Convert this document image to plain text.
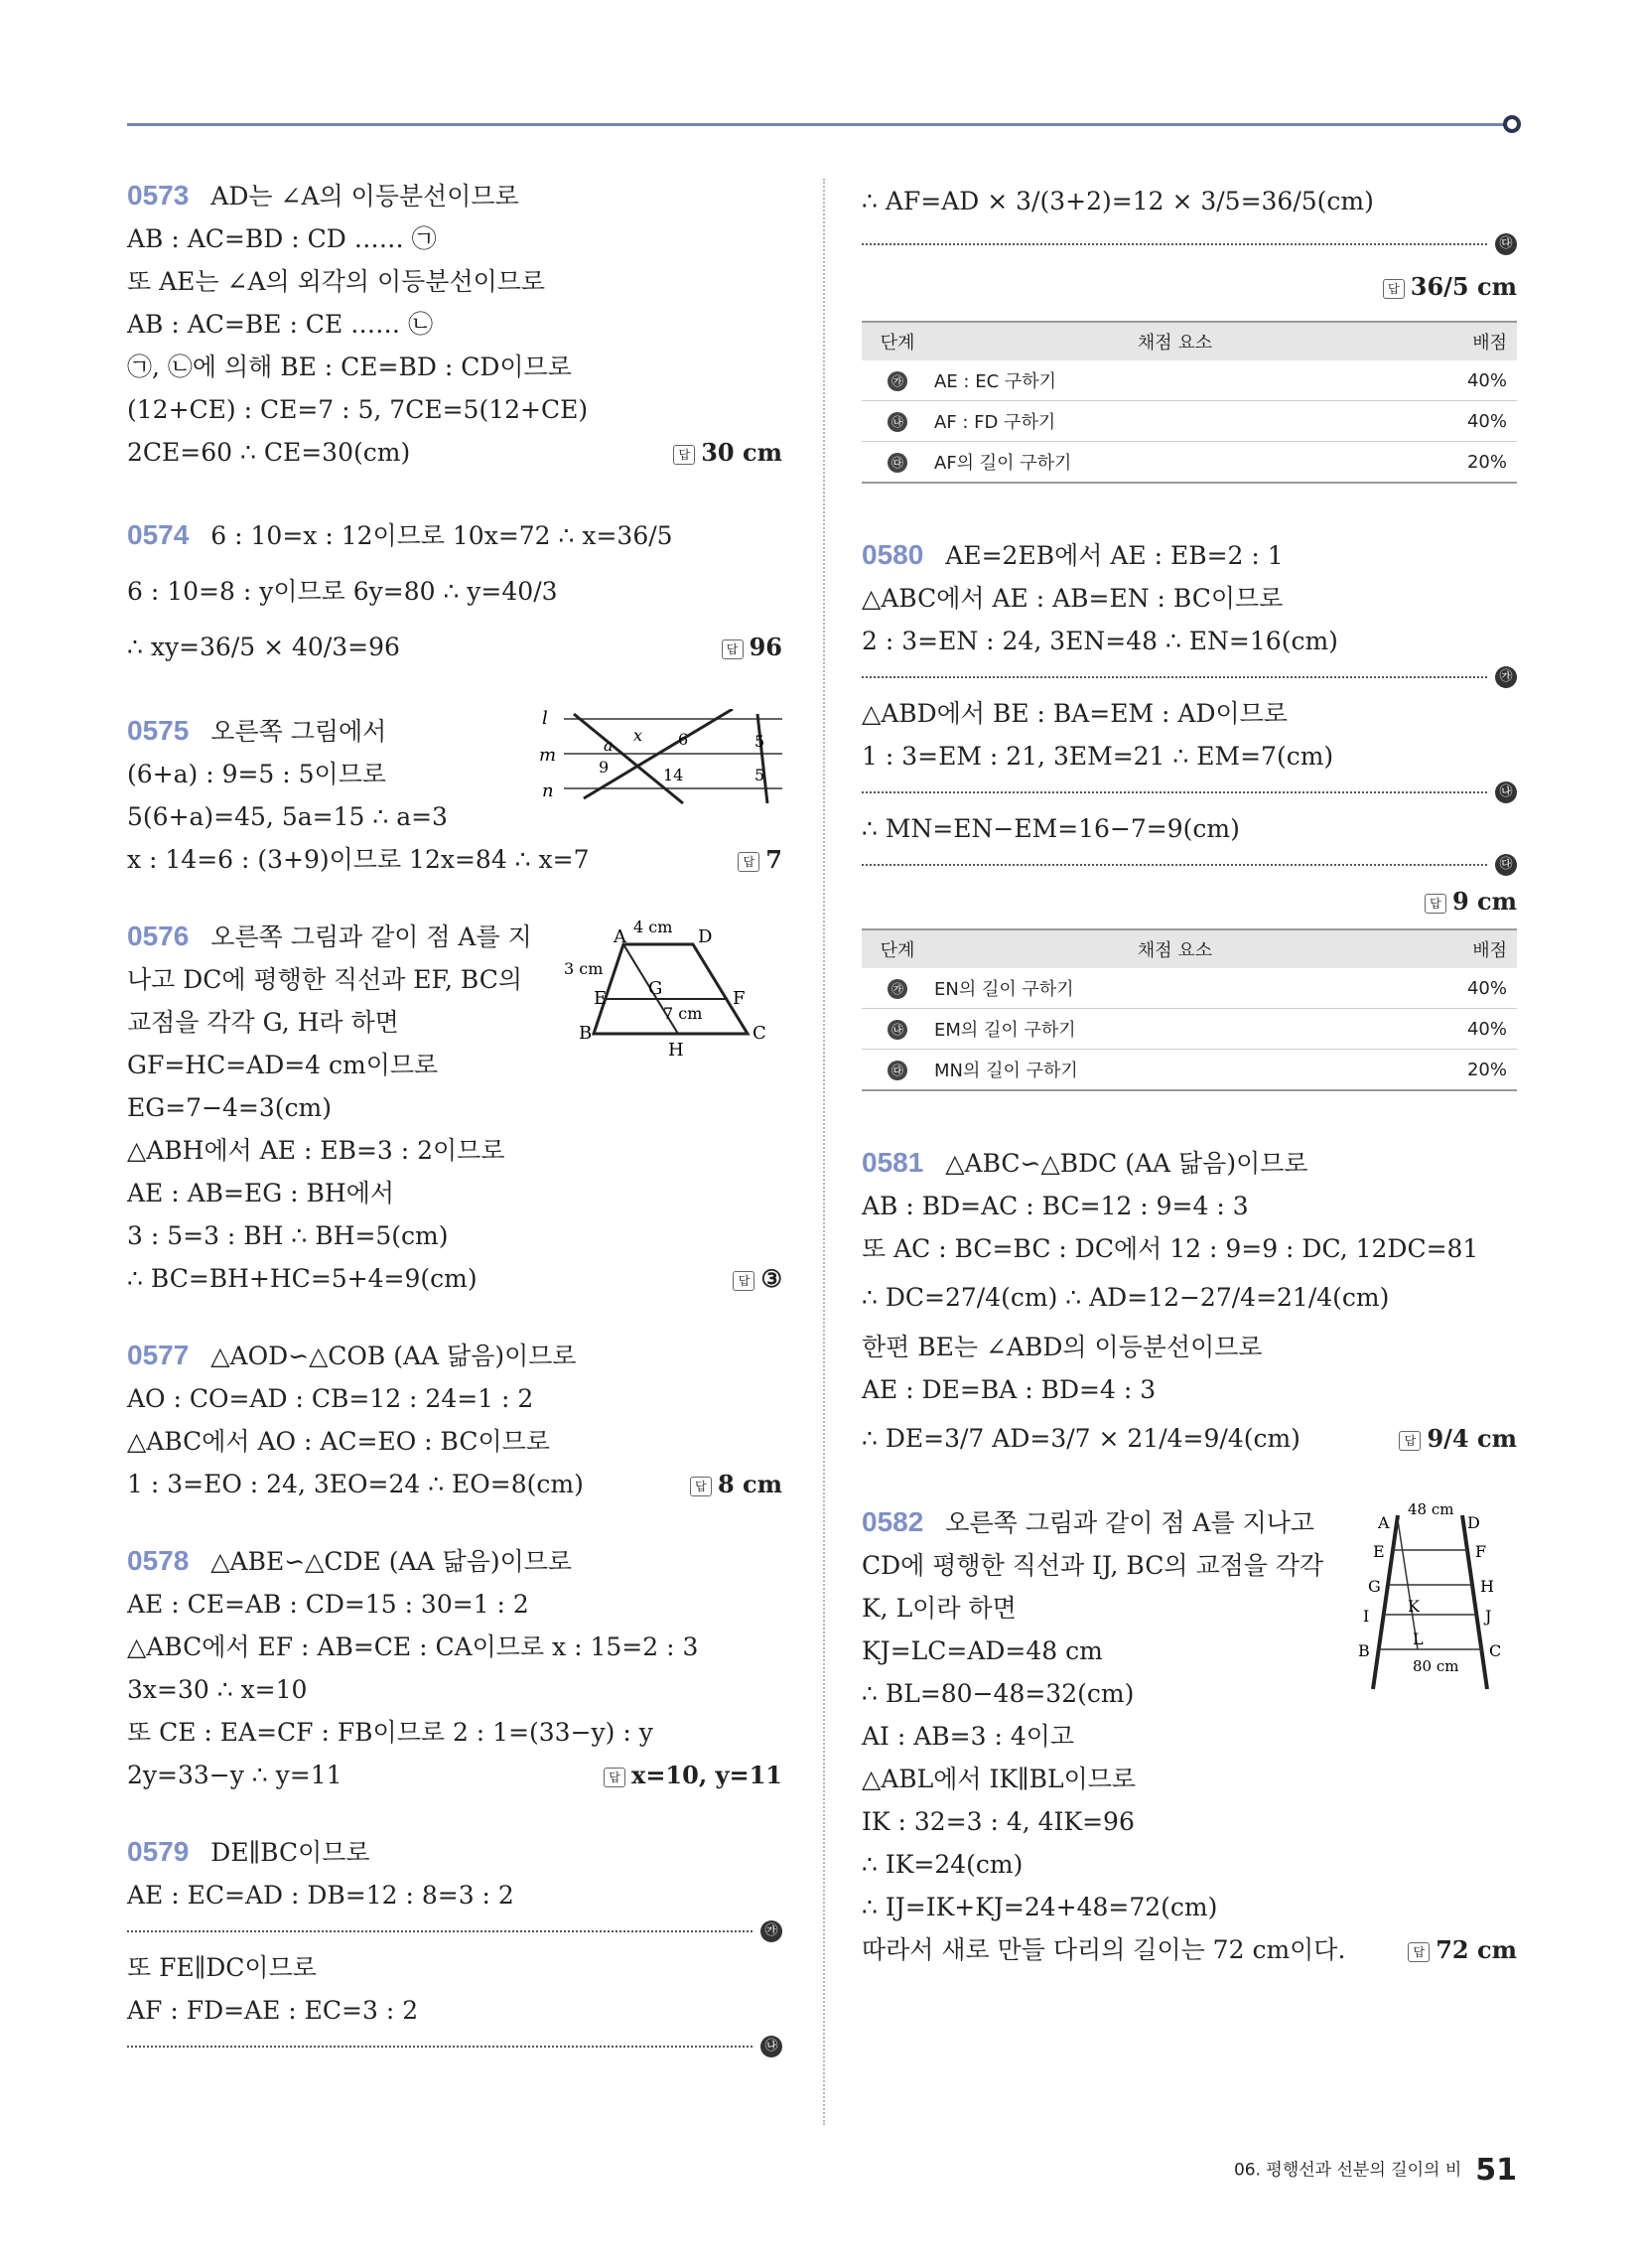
0573 AD는 ∠A의 이등분선이므로
AB : AC=BD : CD …… ㉠
또 AE는 ∠A의 외각의 이등분선이므로
AB : AC=BE : CE …… ㉡
㉠, ㉡에 의해 BE : CE=BD : CD이므로
(12+CE) : CE=7 : 5, 7CE=5(12+CE)
2CE=60 ∴ CE=30(cm)	답 30 cm
0574 6 : 10=x : 12이므로 10x=72 ∴ x=36/5
6 : 10=8 : y이므로 6y=80 ∴ y=40/3
∴ xy=36/5 × 40/3=96	답 96
0575 오른쪽 그림에서
(6+a) : 9=5 : 5이므로
5(6+a)=45, 5a=15 ∴ a=3
x : 14=6 : (3+9)이므로 12x=84 ∴ x=7	답 7
l
m
n
a
x 6	5
9	14	5
0576 오른쪽 그림과 같이 점 A를 지
나고 DC에 평행한 직선과 EF, BC의
교점을 각각 G, H라 하면
GF=HC=AD=4 cm이므로
EG=7−4=3(cm)
△ABH에서 AE : EB=3 : 2이므로
AE : AB=EG : BH에서
3 : 5=3 : BH ∴ BH=5(cm)
∴ BC=BH+HC=5+4=9(cm)	답 ③
A	D
E	F
G
B
H
C
4 cm
3 cm
7 cm
0577 △AOD∽△COB (AA 닮음)이므로
AO : CO=AD : CB=12 : 24=1 : 2
△ABC에서 AO : AC=EO : BC이므로
1 : 3=EO : 24, 3EO=24 ∴ EO=8(cm)	답 8 cm
0578 △ABE∽△CDE (AA 닮음)이므로
AE : CE=AB : CD=15 : 30=1 : 2
△ABC에서 EF : AB=CE : CA이므로 x : 15=2 : 3
3x=30 ∴ x=10
또 CE : EA=CF : FB이므로 2 : 1=(33−y) : y
2y=33−y ∴ y=11	답 x=10, y=11
0579 DE∥BC이므로
AE : EC=AD : DB=12 : 8=3 : 2
㉮
또 FE∥DC이므로
AF : FD=AE : EC=3 : 2
㉯
∴ AF=AD × 3/(3+2)=12 × 3/5=36/5(cm)
㉰
답 36/5 cm
단계	채점 요소	배점
㉮	AE : EC 구하기	40%
㉯	AF : FD 구하기	40%
㉰	AF의 길이 구하기	20%
0580 AE=2EB에서 AE : EB=2 : 1
△ABC에서 AE : AB=EN : BC이므로
2 : 3=EN : 24, 3EN=48 ∴ EN=16(cm)
㉮
△ABD에서 BE : BA=EM : AD이므로
1 : 3=EM : 21, 3EM=21 ∴ EM=7(cm)
㉯
∴ MN=EN−EM=16−7=9(cm)
㉰
답 9 cm
단계	채점 요소	배점
㉮	EN의 길이 구하기	40%
㉯	EM의 길이 구하기	40%
㉰	MN의 길이 구하기	20%
0581 △ABC∽△BDC (AA 닮음)이므로
AB : BD=AC : BC=12 : 9=4 : 3
또 AC : BC=BC : DC에서 12 : 9=9 : DC, 12DC=81
∴ DC=27/4(cm) ∴ AD=12−27/4=21/4(cm)
한편 BE는 ∠ABD의 이등분선이므로
AE : DE=BA : BD=4 : 3
∴ DE=3/7 AD=3/7 × 21/4=9/4(cm)	답 9/4 cm
0582 오른쪽 그림과 같이 점 A를 지나고
CD에 평행한 직선과 IJ, BC의 교점을 각각
K, L이라 하면
KJ=LC=AD=48 cm
∴ BL=80−48=32(cm)
AI : AB=3 : 4이고
△ABL에서 IK∥BL이므로
IK : 32=3 : 4, 4IK=96
∴ IK=24(cm)
∴ IJ=IK+KJ=24+48=72(cm)
따라서 새로 만들 다리의 길이는 72 cm이다.	답 72 cm
A	D
E	F
G	H
I
K
J
B
L
C
48 cm
80 cm
06. 평행선과 선분의 길이의 비 51
